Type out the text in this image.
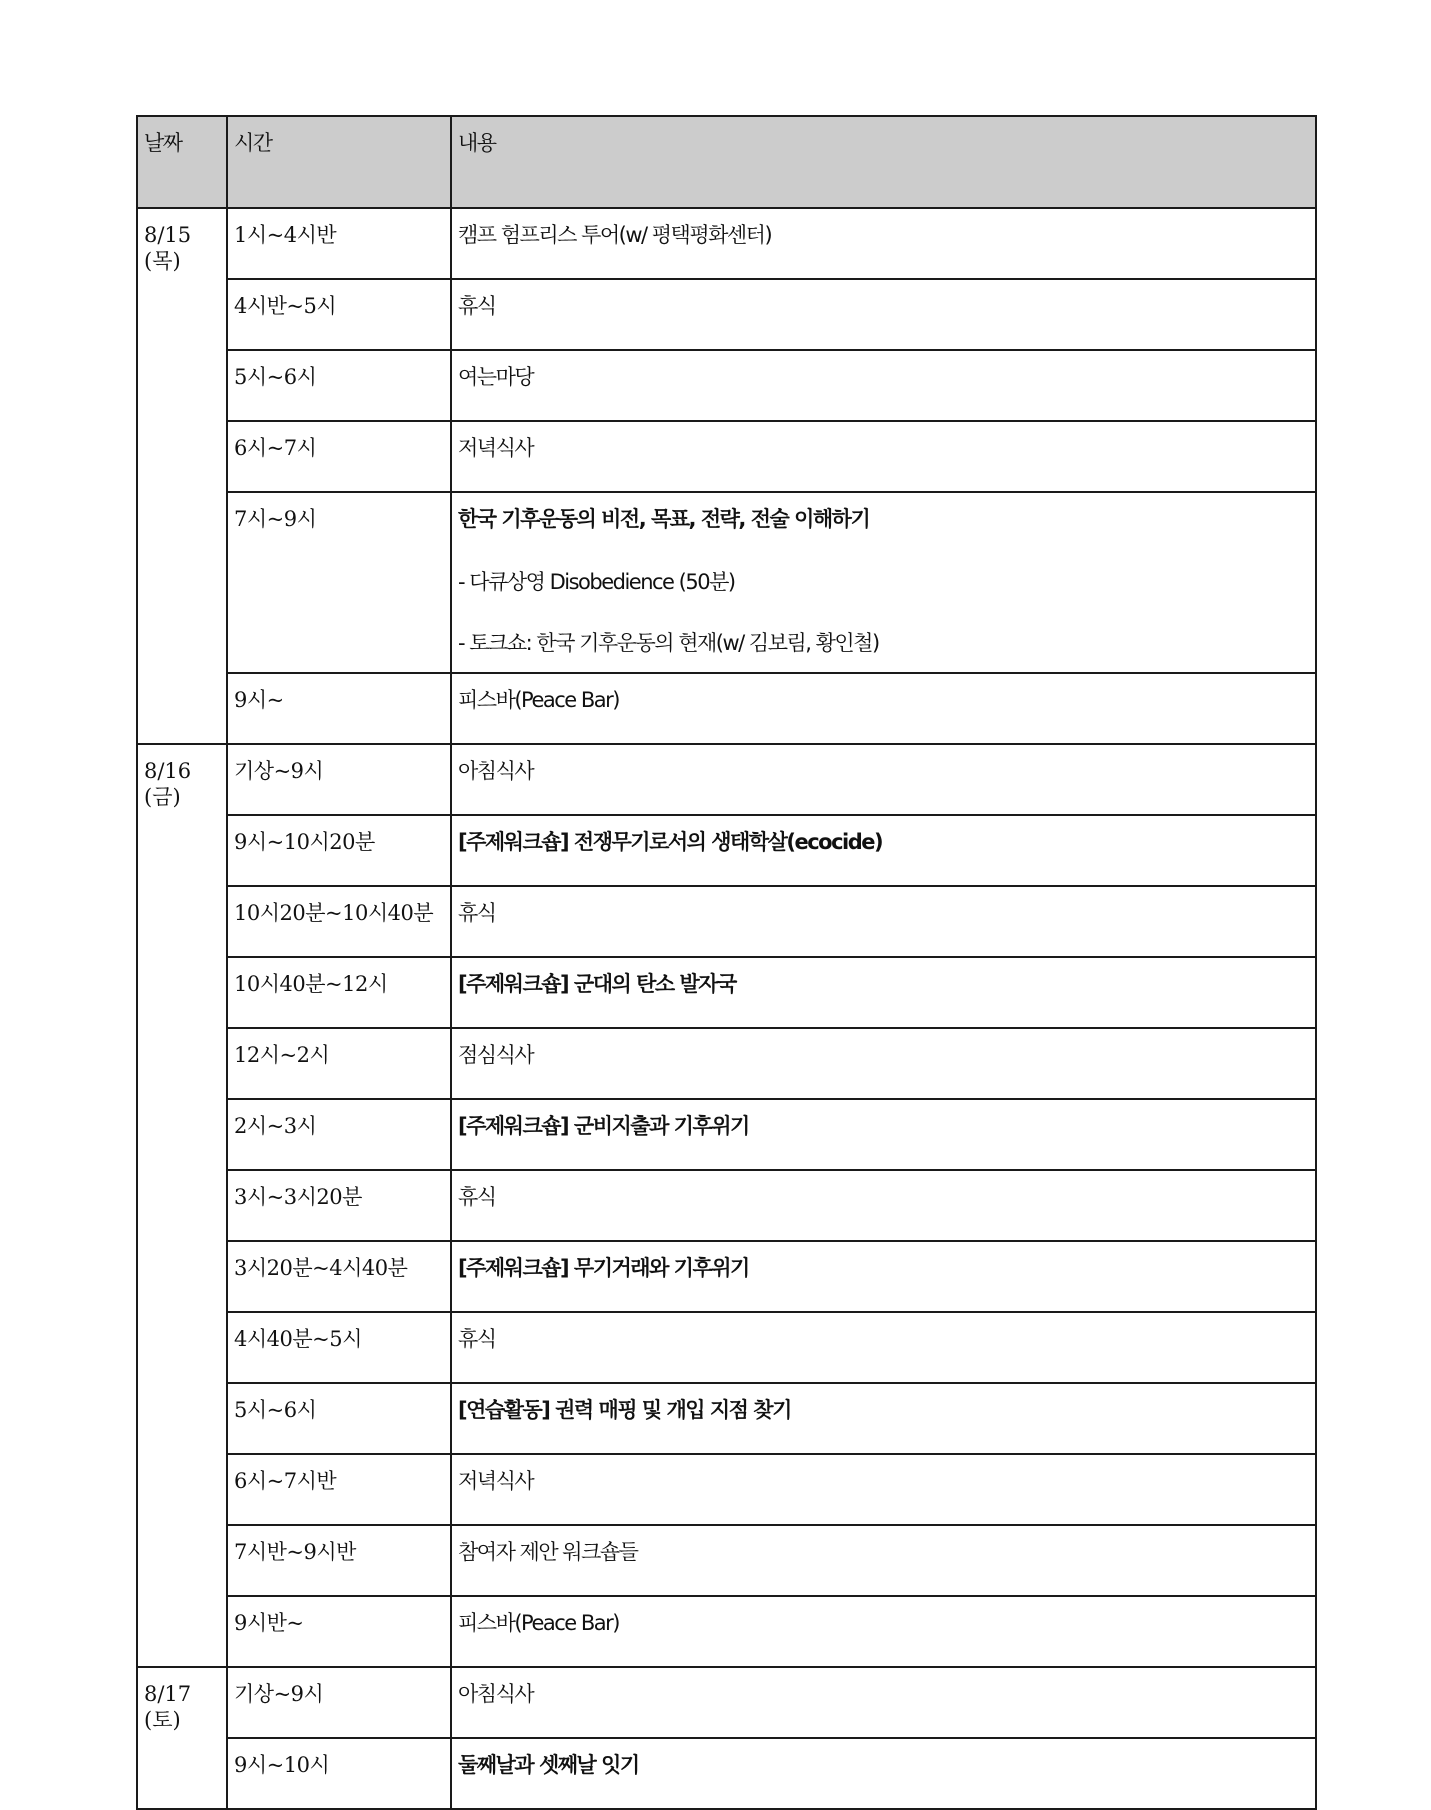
날짜	시간	내용
8/15(목)	1시~4시반	캠프 험프리스 투어(w/ 평택평화센터)

	4시반~5시	휴식

	5시~6시	여는마당

	6시~7시	저녁식사

	7시~9시	한국 기후운동의 비전, 목표, 전략, 전술 이해하기
- 다큐상영 Disobedience (50분)
- 토크쇼: 한국 기후운동의 현재(w/ 김보림, 황인철)

	9시~	피스바(Peace Bar)

8/16(금)	기상~9시	아침식사

	9시~10시20분	[주제워크숍] 전쟁무기로서의 생태학살(ecocide)

	10시20분~10시40분	휴식

	10시40분~12시	[주제워크숍] 군대의 탄소 발자국

	12시~2시	점심식사

	2시~3시	[주제워크숍] 군비지출과 기후위기

	3시~3시20분	휴식

	3시20분~4시40분	[주제워크숍] 무기거래와 기후위기

	4시40분~5시	휴식

	5시~6시	[연습활동] 권력 매핑 및 개입 지점 찾기

	6시~7시반	저녁식사

	7시반~9시반	참여자 제안 워크숍들

	9시반~	피스바(Peace Bar)

8/17(토)	기상~9시	아침식사

	9시~10시	둘째날과 셋째날 잇기
